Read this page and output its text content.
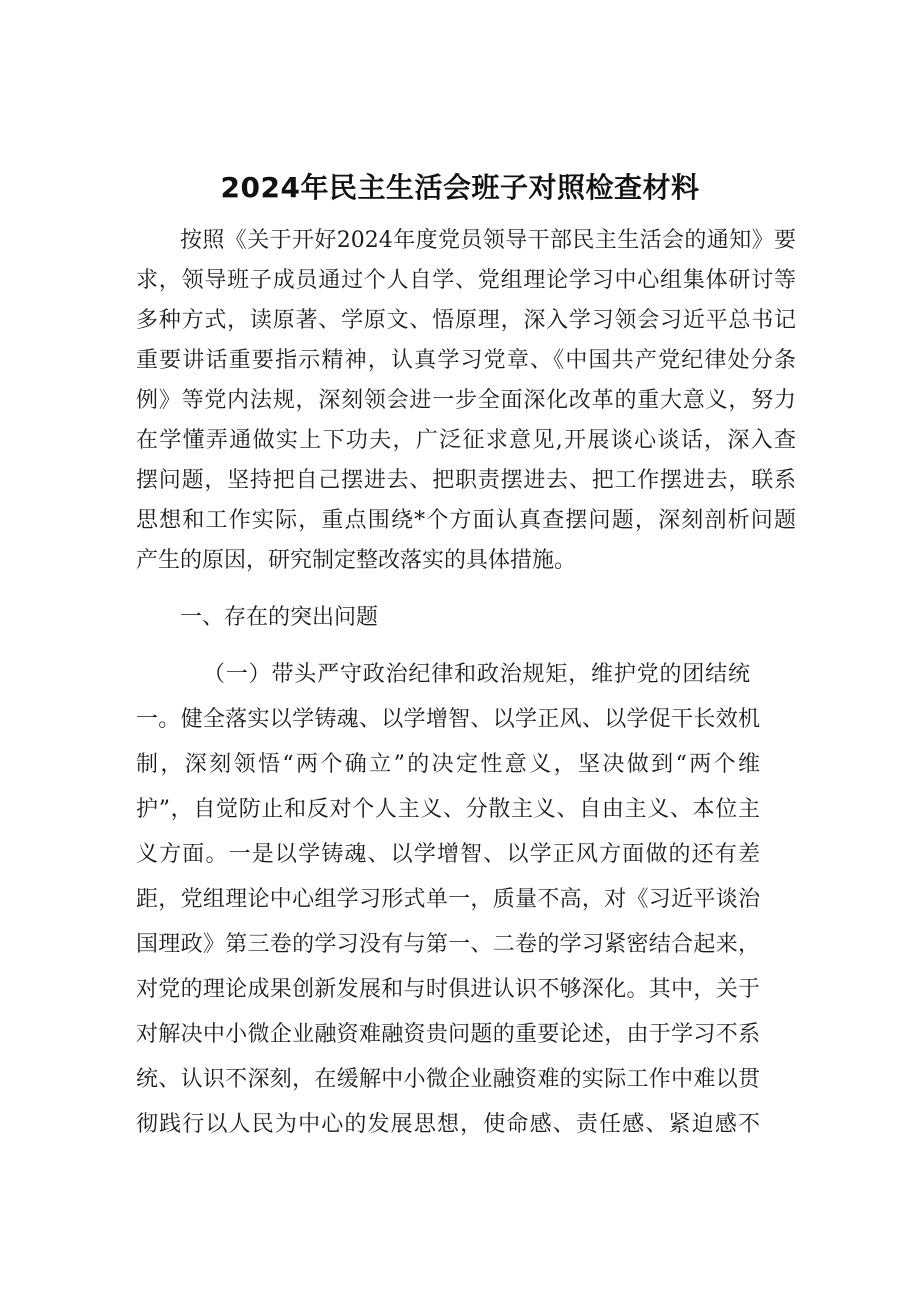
2024年民主生活会班子对照检查材料
按照《关于开好2024年度党员领导干部民主生活会的通知》要
求，领导班子成员通过个人自学、党组理论学习中心组集体研讨等
多种方式，读原著、学原文、悟原理，深入学习领会习近平总书记
重要讲话重要指示精神，认真学习党章、《中国共产党纪律处分条
例》等党内法规，深刻领会进一步全面深化改革的重大意义，努力
在学懂弄通做实上下功夫，广泛征求意见,开展谈心谈话，深入查
摆问题，坚持把自己摆进去、把职责摆进去、把工作摆进去，联系
思想和工作实际，重点围绕*个方面认真查摆问题，深刻剖析问题
产生的原因，研究制定整改落实的具体措施。
一、存在的突出问题
（一）带头严守政治纪律和政治规矩，维护党的团结统
一。健全落实以学铸魂、以学增智、以学正风、以学促干长效机
制，深刻领悟“两个确立”的决定性意义，坚决做到“两个维
护”，自觉防止和反对个人主义、分散主义、自由主义、本位主
义方面。一是以学铸魂、以学增智、以学正风方面做的还有差
距，党组理论中心组学习形式单一，质量不高，对《习近平谈治
国理政》第三卷的学习没有与第一、二卷的学习紧密结合起来，
对党的理论成果创新发展和与时俱进认识不够深化。其中，关于
对解决中小微企业融资难融资贵问题的重要论述，由于学习不系
统、认识不深刻，在缓解中小微企业融资难的实际工作中难以贯
彻践行以人民为中心的发展思想，使命感、责任感、紧迫感不
